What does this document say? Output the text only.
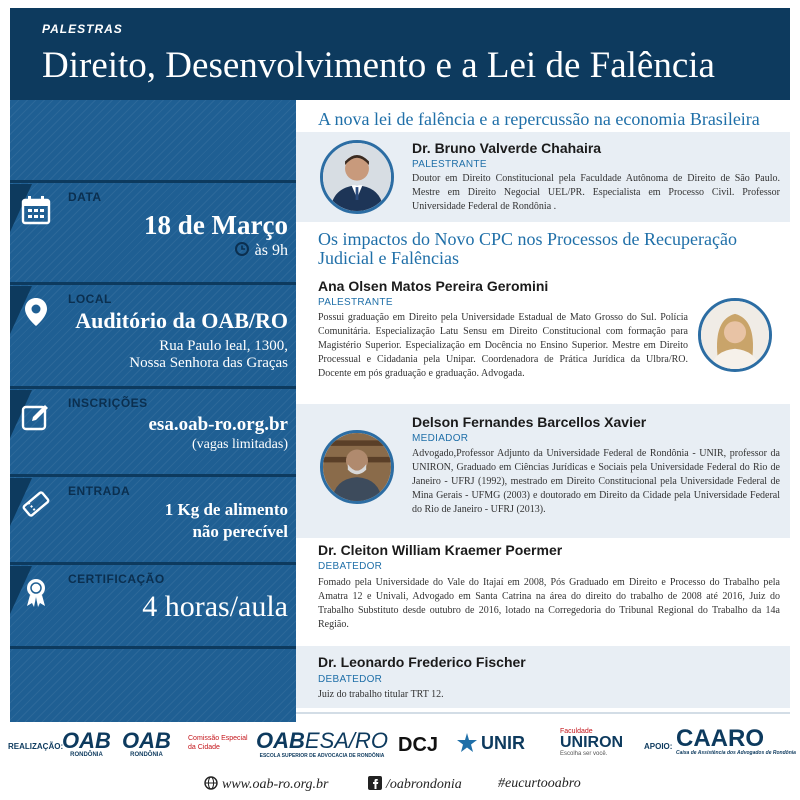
PALESTRAS
Direito, Desenvolvimento e a Lei de Falência
DATA
18 de Março
às 9h
LOCAL
Auditório da OAB/RO
Rua Paulo leal, 1300,
Nossa Senhora das Graças
INSCRIÇÕES
esa.oab-ro.org.br
(vagas limitadas)
ENTRADA
1 Kg de alimento
não perecível
CERTIFICAÇÃO
4 horas/aula
A nova lei de falência e a repercussão na economia Brasileira
Dr. Bruno Valverde Chahaira
PALESTRANTE
Doutor em Direito Constitucional pela Faculdade Autônoma de Direito de São Paulo. Mestre em Direito Negocial UEL/PR. Especialista em Processo Civil. Professor Universidade Federal de Rondônia .
Os impactos do Novo CPC nos Processos de Recuperação Judicial e Falências
Ana Olsen Matos Pereira Geromini
PALESTRANTE
Possui graduação em Direito pela Universidade Estadual de Mato Grosso do Sul. Polícia Comunitária. Especialização Latu Sensu em Direito Constitucional com formação para Magistério Superior. Especialização em Docência no Ensino Superior. Mestre em Direito Processual e Cidadania pela Unipar. Coordenadora de Prática Jurídica da Ulbra/RO. Docente em pós graduação e graduação. Advogada.
Delson Fernandes Barcellos Xavier
MEDIADOR
Advogado,Professor Adjunto da Universidade Federal de Rondônia - UNIR, professor da UNIRON, Graduado em Ciências Jurídicas e Sociais pela Universidade Federal do Rio de Janeiro - UFRJ (1992), mestrado em Direito Constitucional pela Universidade Federal de Mina Gerais - UFMG (2003) e doutorado em Direito da Cidade pela Universidade Federal do Rio de Janeiro - UFRJ (2013).
Dr. Cleiton William Kraemer Poermer
DEBATEDOR
Fomado pela Universidade do Vale do Itajaí em 2008, Pós Graduado em Direito e Processo do Trabalho pela Amatra 12 e Univali, Advogado em Santa Catrina na área do direito do trabalho de 2008 até 2016, Juiz do Trabalho Substituto desde outubro de 2016, lotado na Corregedoria do Tribunal Regional do Trabalho da 14a Região.
Dr. Leonardo Frederico Fischer
DEBATEDOR
Juiz do trabalho titular TRT 12.
REALIZAÇÃO:
OAB
RONDÔNIA
OAB
RONDÔNIA
Comissão Especial da Cidade	OABESA/RO
ESCOLA SUPERIOR DE ADVOCACIA DE RONDÔNIA DCJ UNIR
Faculdade
UNIRON
Escolha ser você.
APOIO: CAARO
Caixa de Assistência dos Advogados de Rondônia
www.oab-ro.org.br	/oabrondonia	#eucurtooabro
